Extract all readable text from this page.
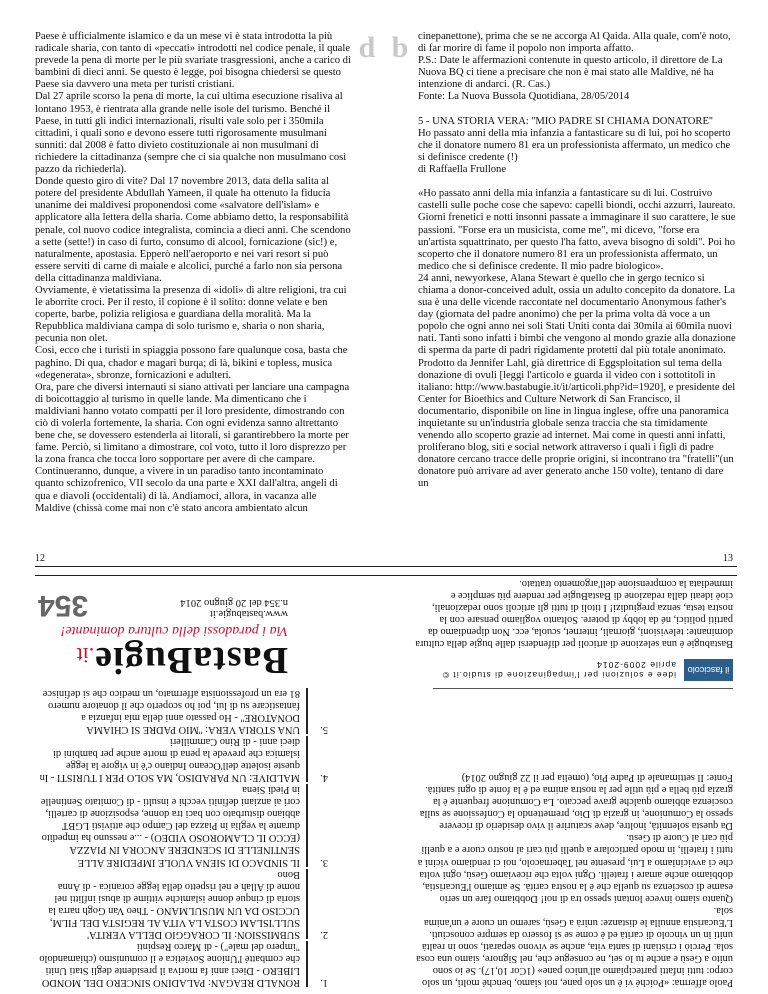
Paese è ufficialmente islamico e da un mese vi è stata introdotta la più radicale sharia, con tanto di «peccati» introdotti nel codice penale, il quale prevede la pena di morte per le più svariate trasgressioni, anche a carico di bambini di dieci anni. Se questo è legge, poi bisogna chiedersi se questo Paese sia davvero una meta per turisti cristiani.
Dal 27 aprile scorso la pena di morte, la cui ultima esecuzione risaliva al lontano 1953, è rientrata alla grande nelle isole del turismo. Benché il Paese, in tutti gli indici internazionali, risulti vale solo per i 350mila cittadini, i quali sono e devono essere tutti rigorosamente musulmani sunniti: dal 2008 è fatto divieto costituzionale ai non musulmani di richiedere la cittadinanza (sempre che ci sia qualche non musulmano così pazzo da richiederla).
Donde questo giro di vite? Dal 17 novembre 2013, data della salita al potere del presidente Abdullah Yameen, il quale ha ottenuto la fiducia unanime dei maldivesi proponendosi come «salvatore dell'islam» e applicatore alla lettera della sharia. Come abbiamo detto, la responsabilità penale, col nuovo codice integralista, comincia a dieci anni. Che scendono a sette (sette!) in caso di furto, consumo di alcool, fornicazione (sic!) e, naturalmente, apostasia. Epperò nell'aeroporto e nei vari resort si può essere serviti di carne di maiale e alcolici, purché a farlo non sia persona della cittadinanza maldiviana.
Ovviamente, è vietatissima la presenza di «idoli» di altre religioni, tra cui le aborrite croci. Per il resto, il copione è il solito: donne velate e ben coperte, barbe, polizia religiosa e guardiana della moralità. Ma la Repubblica maldiviana campa di solo turismo e, sharia o non sharia, pecunia non olet.
Così, ecco che i turisti in spiaggia possono fare qualunque cosa, basta che paghino. Di qua, chador e magari burqa; di là, bikini e topless, musica «degenerata», sbronze, fornicazioni e adulteri.
Ora, pare che diversi internauti si siano attivati per lanciare una campagna di boicottaggio al turismo in quelle lande. Ma dimenticano che i maldiviani hanno votato compatti per il loro presidente, dimostrando con ciò di volerla fortemente, la sharia. Con ogni evidenza sanno altrettanto bene che, se dovessero estenderla ai litorali, si garantirebbero la morte per fame. Perciò, si limitano a dimostrare, col voto, tutto il loro disprezzo per la zona franca che tocca loro sopportare per avere di che campare.
Continueranno, dunque, a vivere in un paradiso tanto incontaminato quanto schizofrenico, VII secolo da una parte e XXI dall'altra, angeli di qua e diavoli (occidentali) di là. Andiamoci, allora, in vacanza alle Maldive (chissà come mai non c'è stato ancora ambientato alcun
cinepanettone), prima che se ne accorga Al Qaida. Alla quale, com'è noto, di far morire di fame il popolo non importa affatto.
P.S.: Date le affermazioni contenute in questo articolo, il direttore de La Nuova BQ ci tiene a precisare che non è mai stato alle Maldive, né ha intenzione di andarci. (R. Cas.)
Fonte: La Nuova Bussola Quotidiana, 28/05/2014

5 - UNA STORIA VERA: ''MIO PADRE SI CHIAMA DONATORE''
Ho passato anni della mia infanzia a fantasticare su di lui, poi ho scoperto che il donatore numero 81 era un professionista affermato, un medico che si definisce credente (!)
di Raffaella Frullone

«Ho passato anni della mia infanzia a fantasticare su di lui. Costruivo castelli sulle poche cose che sapevo: capelli biondi, occhi azzurri, laureato. Giorni frenetici e notti insonni passate a immaginare il suo carattere, le sue passioni. "Forse era un musicista, come me", mi dicevo, "forse era un'artista squattrinato, per questo l'ha fatto, aveva bisogno di soldi". Poi ho scoperto che il donatore numero 81 era un professionista affermato, un medico che si definisce credente. Il mio padre biologico».
24 anni, newyorkese, Alana Stewart è quello che in gergo tecnico si chiama a donor-conceived adult, ossia un adulto concepito da donatore. La sua è una delle vicende raccontate nel documentario Anonymous father's day (giornata del padre anonimo) che per la prima volta dà voce a un popolo che ogni anno nei soli Stati Uniti conta dai 30mila ai 60mila nuovi nati. Tanti sono infatti i bimbi che vengono al mondo grazie alla donazione di sperma da parte di padri rigidamente protetti dal più totale anonimato.
Prodotto da Jennifer Lahl, già direttrice di Eggsploitation sul tema della donazione di ovuli [leggi l'articolo e guarda il video con i sottotitoli in italiano: http://www.bastabugie.it/it/articoli.php?id=1920], e presidente del Center for Bioethics and Culture Network di San Francisco, il documentario, disponibile on line in lingua inglese, offre una panoramica inquietante su un'industria globale senza traccia che sta timidamente venendo allo scoperto grazie ad internet. Mai come in questi anni infatti, proliferano blog, siti e social network attraverso i quali i figli di padre donatore cercano tracce delle proprie origini, si incontrano tra "fratelli"(un donatore può arrivare ad aver generato anche 150 volte), tentano di dare un
d b
12	13
BastaBugie.it
Via i paradossi della cultura dominante!
www.bastabugie.it
n.354 del 20 giugno 2014
354
1.
RONALD REAGAN: PALADINO SINCERO DEL MONDO LIBERO - Dieci anni fa moriva il presidente degli Stati Uniti che combatté l'Unione Sovietica e il comunismo (chiamandolo "impero del male") - di Marco Respinti
2.
SUBMISSION: IL CORAGGIO DELLA VERITA' SULL'ISLAM COSTA LA VITA AL REGISTA DEL FILM, UCCISO DA UN MUSULMANO - Theo Van Gogh narra la storia di cinque donne islamiche vittime di abusi inflitti nel nome di Allah e nel rispetto della legge coranica - di Anna Bono
3.
IL SINDACO DI SIENA VUOLE IMPEDIRE ALLE SENTINELLE DI SCENDERE ANCORA IN PIAZZA (ECCO IL CLAMOROSO VIDEO) - ...e nessuno ha impedito durante la veglia in Piazza del Campo che attivisti LGBT abbiano disturbato con baci tra donne, esposizione di cartelli, cori ai anziani definiti vecchi e insulti - di Comitato Sentinelle in Piedi Siena
4.
MALDIVE: UN PARADISO, MA SOLO PER I TURISTI - In queste isolette dell'Oceano Indiano c'è in vigore la legge islamica che prevede la pena di morte anche per bambini di dieci anni - di Rino Cammilleri
5.
UNA STORIA VERA: ''MIO PADRE SI CHIAMA DONATORE'' - Ho passato anni della mia infanzia a fantasticare su di lui, poi ho scoperto che il donatore numero 81 era un professionista affermato, un medico che si definisce
Paolo afferma: «Poiché vi è un solo pane, noi siamo, benché molti, un solo corpo: tutti infatti partecipiamo all'unico pane» (1Cor 10,17). Se io sono unito a Gesù e anche tu lo sei, ne consegue che, nel Signore, siamo una cosa sola. Perciò i cristiani di santa vita, anche se vivono separati, sono in realtà uniti in un vincolo di carità ed è come se si fossero da sempre conosciuti. L'Eucaristia annulla le distanze: unirà a Gesù, saremo un cuore e un'anima sola.
Quanto siamo invece lontani spesso tra di noi! Dobbiamo fare un serio esame di coscienza su quella che è la nostra carità. Se amiamo l'Eucaristia, dobbiamo anche amare i fratelli. Ogni volta che riceviamo Gesù, ogni volta che ci avviciniamo a Lui, presente nel Tabernacolo, noi ci rendiamo vicini a tutti i fratelli, in modo particolare a quelli più cari al nostro cuore e a quelli più cari al Cuore di Gesù.
Da questa solennità, inoltre, deve scaturire il vivo desiderio di ricevere spesso la Comunione, in grazia di Dio, premettendo la Confessione se sulla coscienza abbiamo qualche grave peccato. La Comunione frequente è la grazia più bella e più utile per la nostra anima ed è la fonte di ogni santità.

Fonte: Il settimanale di Padre Pio, (omelia per il 22 giugno 2014)
il fascicolo
idee e soluzioni per l'impaginazione di studio.it © aprile 2009-2014
Bastabugie è una selezione di articoli per difendersi dalle bugie della cultura dominante: televisioni, giornali, internet, scuola, ecc. Non dipendiamo da partiti politici, né da lobby di potere. Soltanto vogliamo pensare con la nostra testa, senza pregiudizi! I titoli di tutti gli articoli sono redazionali, cioè ideati dalla redazione di BastaBugie per rendere più semplice e immediata la comprensione dell'argomento trattato.
